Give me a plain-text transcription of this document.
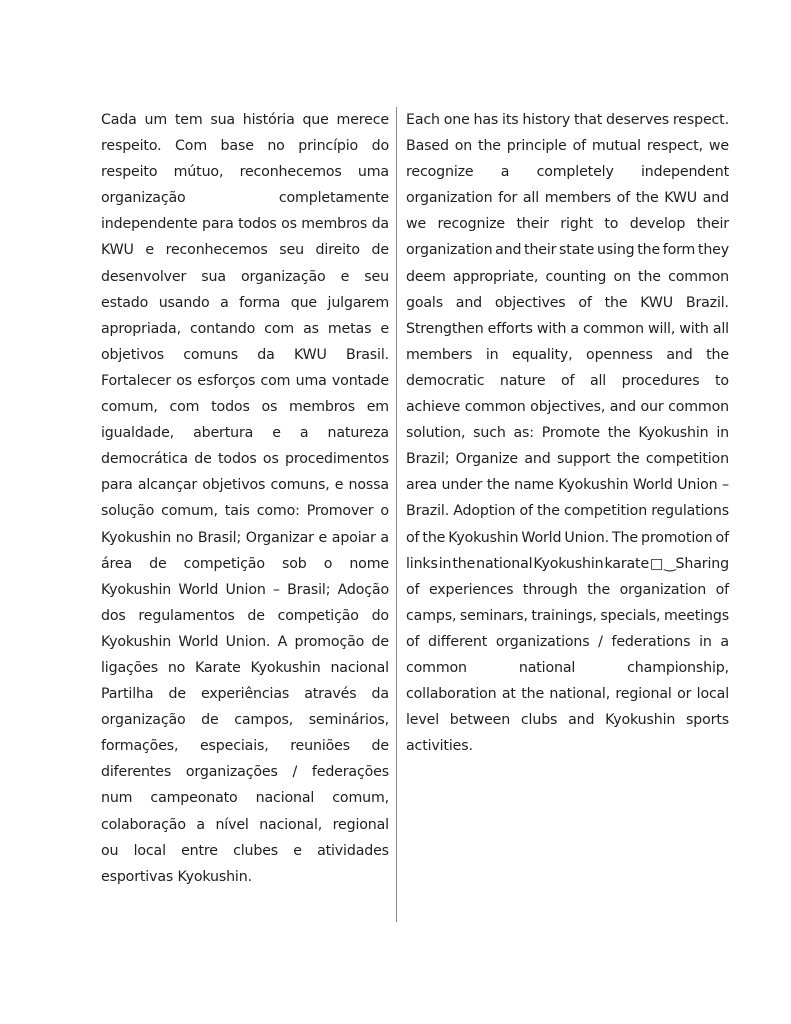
Cada um tem sua história que merece
respeito. Com base no princípio do
respeito mútuo, reconhecemos uma
organização	completamente
independente para todos os membros da
KWU e reconhecemos seu direito de
desenvolver sua organização e seu
estado usando a forma que julgarem
apropriada, contando com as metas e
objetivos comuns da KWU Brasil.
Fortalecer os esforços com uma vontade
comum, com todos os membros em
igualdade, abertura e a natureza
democrática de todos os procedimentos
para alcançar objetivos comuns, e nossa
solução comum, tais como: Promover o
Kyokushin no Brasil; Organizar e apoiar a
área de competição sob o nome
Kyokushin World Union – Brasil; Adoção
dos regulamentos de competição do
Kyokushin World Union. A promoção de
ligações no Karate Kyokushin nacional
Partilha de experiências através da
organização de campos, seminários,
formações, especiais, reuniões de
diferentes organizações / federações
num campeonato nacional comum,
colaboração a nível nacional, regional
ou local entre clubes e atividades
esportivas Kyokushin.
Each one has its history that deserves respect.
Based on the principle of mutual respect, we
recognize a completely independent
organization for all members of the KWU and
we recognize their right to develop their
organization and their state using the form they
deem appropriate, counting on the common
goals and objectives of the KWU Brazil.
Strengthen efforts with a common will, with all
members in equality, openness and the
democratic nature of all procedures to
achieve common objectives, and our common
solution, such as: Promote the Kyokushin in
Brazil; Organize and support the competition
area under the name Kyokushin World Union –
Brazil. Adoption of the competition regulations
of the Kyokushin World Union. The promotion of
links in the national Kyokushin karate □ ‿Sharing
of experiences through the organization of
camps, seminars, trainings, specials, meetings
of different organizations / federations in a
common	national	championship,
collaboration at the national, regional or local
level between clubs and Kyokushin sports
activities.
